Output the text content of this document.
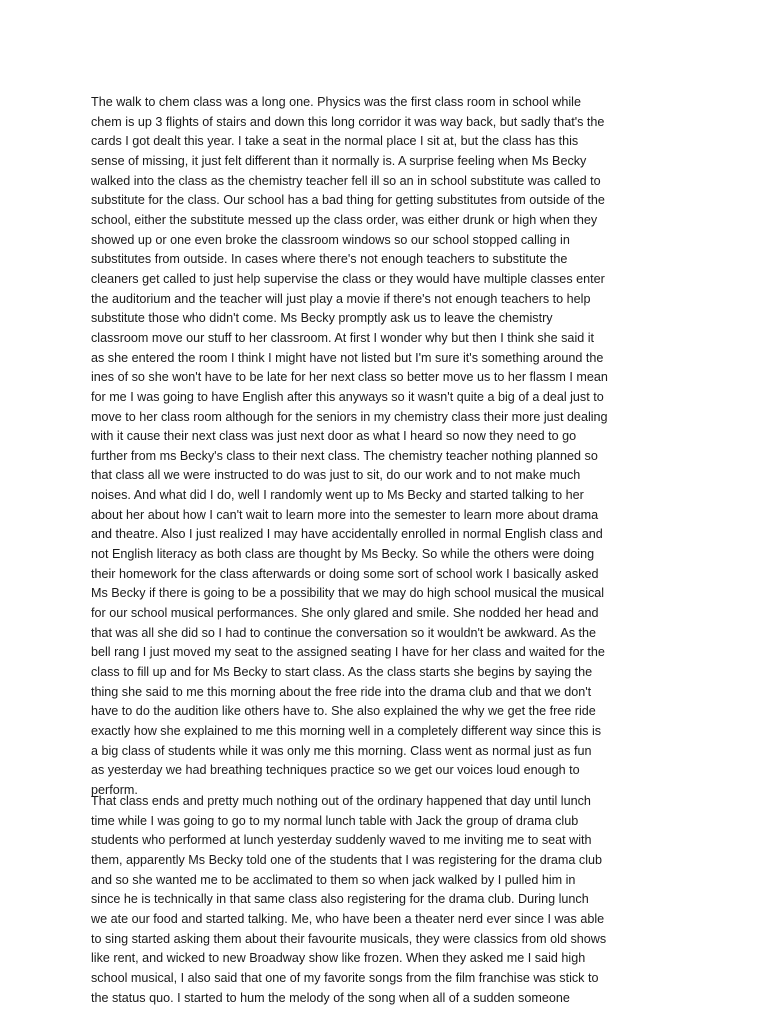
The walk to chem class was a long one. Physics was the first class room in school while
chem is up 3 flights of stairs and down this long corridor it was way back, but sadly that's the
cards I got dealt this year. I take a seat in the normal place I sit at, but the class has this
sense of missing, it just felt different than it normally is. A surprise feeling when Ms Becky
walked into the class as the chemistry teacher fell ill so an in school substitute was called to
substitute for the class. Our school has a bad thing for getting substitutes from outside of the
school, either the substitute messed up the class order, was either drunk or high when they
showed up or one even broke the classroom windows so our school stopped calling in
substitutes from outside. In cases where there's not enough teachers to substitute the
cleaners get called to just help supervise the class or they would have multiple classes enter
the auditorium and the teacher will just play a movie if there's not enough teachers to help
substitute those who didn't come. Ms Becky promptly ask us to leave the chemistry
classroom move our stuff to her classroom. At first I wonder why but then I think she said it
as she entered the room I think I might have not listed but I'm sure it's something around the
ines of so she won't have to be late for her next class so better move us to her flassm I mean
for me I was going to have English after this anyways so it wasn't quite a big of a deal just to
move to her class room although for the seniors in my chemistry class their more just dealing
with it cause their next class was just next door as what I heard so now they need to go
further from ms Becky's class to their next class. The chemistry teacher nothing planned so
that class all we were instructed to do was just to sit, do our work and to not make much
noises. And what did I do, well I randomly went up to Ms Becky and started talking to her
about her about how I can't wait to learn more into the semester to learn more about drama
and theatre. Also I just realized I may have accidentally enrolled in normal English class and
not English literacy as both class are thought by Ms Becky. So while the others were doing
their homework for the class afterwards or doing some sort of school work I basically asked
Ms Becky if there is going to be a possibility that we may do high school musical the musical
for our school musical performances. She only glared and smile. She nodded her head and
that was all she did so I had to continue the conversation so it wouldn't be awkward. As the
bell rang I just moved my seat to the assigned seating I have for her class and waited for the
class to fill up and for Ms Becky to start class. As the class starts she begins by saying the
thing she said to me this morning about the free ride into the drama club and that we don't
have to do the audition like others have to. She also explained the why we get the free ride
exactly how she explained to me this morning well in a completely different way since this is
a big class of students while it was only me this morning. Class went as normal just as fun
as yesterday we had breathing techniques practice so we get our voices loud enough to
perform.

That class ends and pretty much nothing out of the ordinary happened that day until lunch
time while I was going to go to my normal lunch table with Jack the group of drama club
students who performed at lunch yesterday suddenly waved to me inviting me to seat with
them, apparently Ms Becky told one of the students that I was registering for the drama club
and so she wanted me to be acclimated to them so when jack walked by I pulled him in
since he is technically in that same class also registering for the drama club. During lunch
we ate our food and started talking. Me, who have been a theater nerd ever since I was able
to sing started asking them about their favourite musicals, they were classics from old shows
like rent, and wicked to new Broadway show like frozen. When they asked me I said high
school musical, I also said that one of my favorite songs from the film franchise was stick to
the status quo. I started to hum the melody of the song when all of a sudden someone
